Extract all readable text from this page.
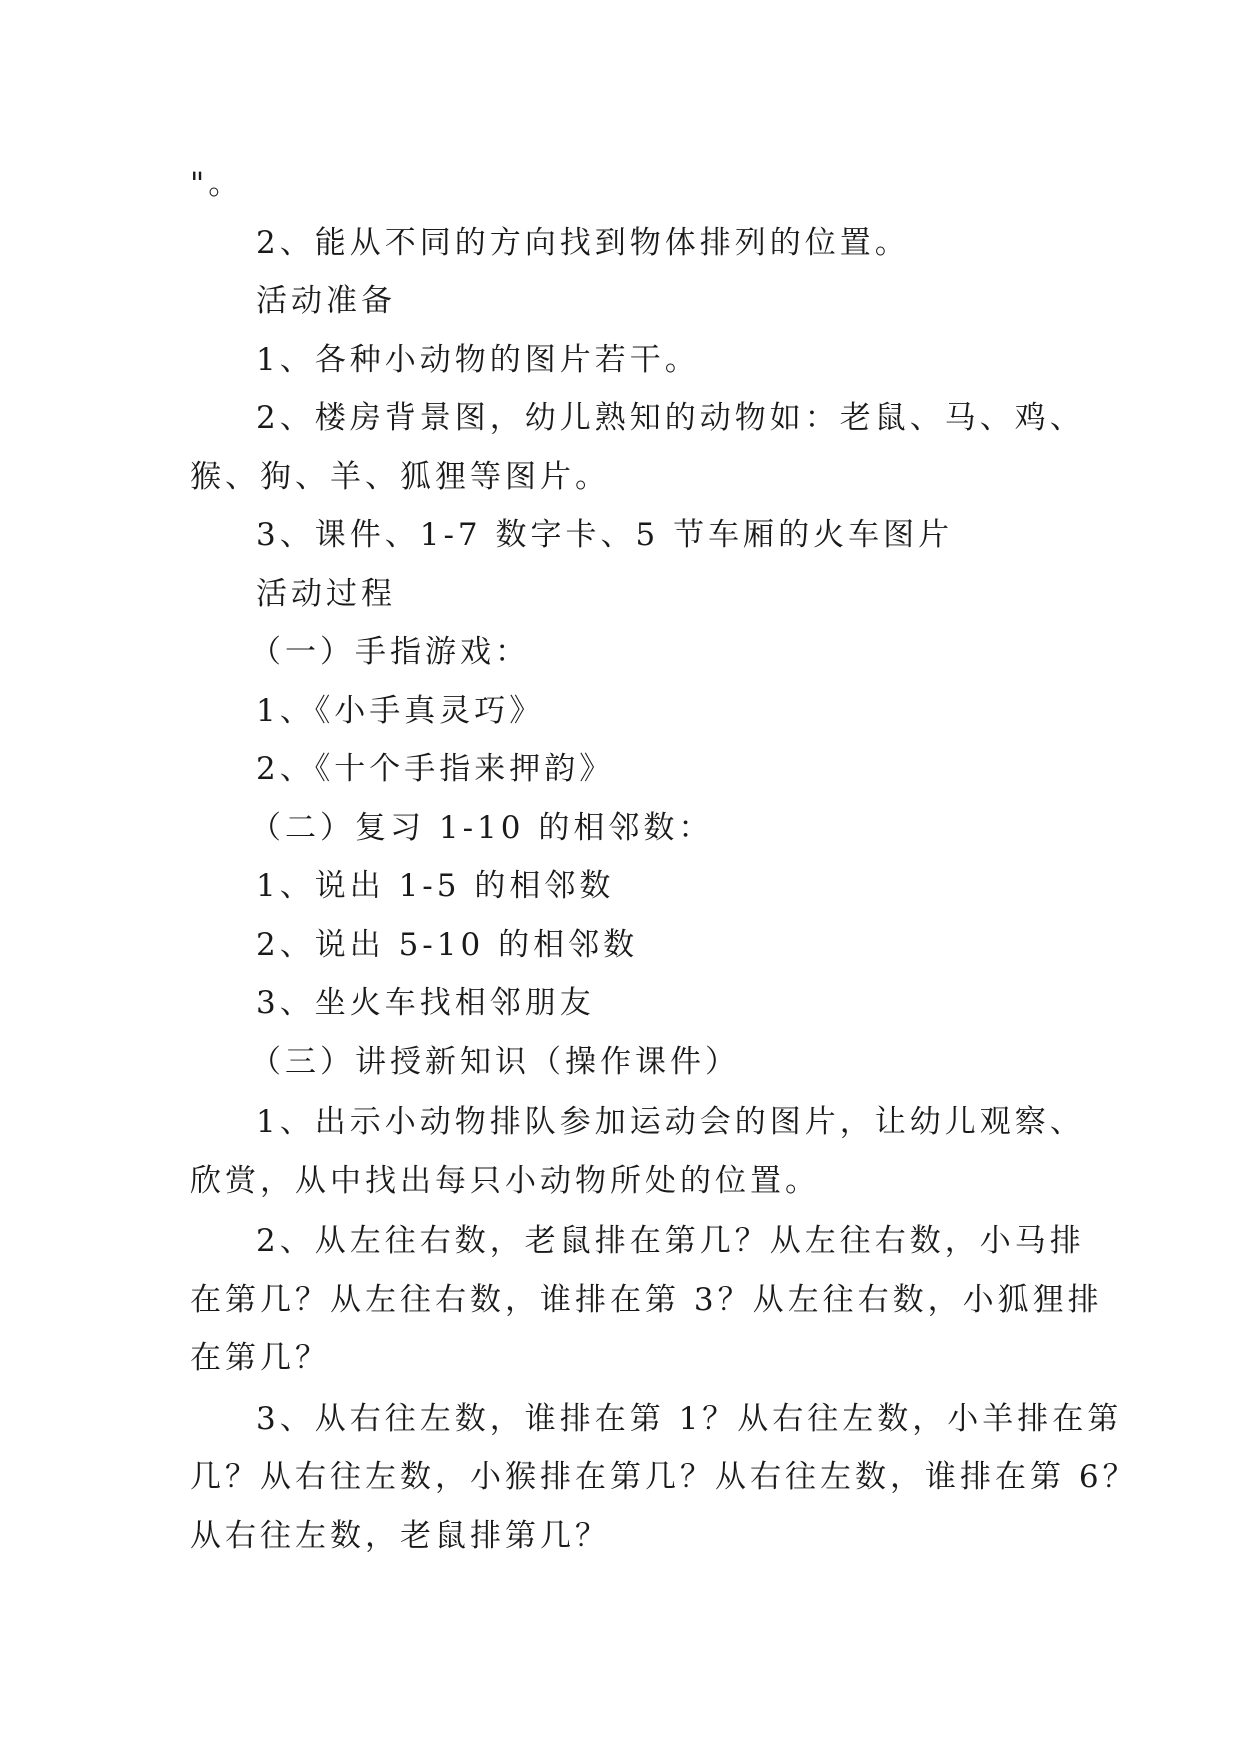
"。
2、能从不同的方向找到物体排列的位置。
活动准备
1、各种小动物的图片若干。
2、楼房背景图，幼儿熟知的动物如：老鼠、马、鸡、
猴、狗、羊、狐狸等图片。
3、课件、1-7 数字卡、5 节车厢的火车图片
活动过程
（一）手指游戏：
1、《小手真灵巧》
2、《十个手指来押韵》
（二）复习 1-10 的相邻数：
1、说出 1-5 的相邻数
2、说出 5-10 的相邻数
3、坐火车找相邻朋友
（三）讲授新知识（操作课件）
1、出示小动物排队参加运动会的图片，让幼儿观察、
欣赏，从中找出每只小动物所处的位置。
2、从左往右数，老鼠排在第几？从左往右数，小马排
在第几？从左往右数，谁排在第 3？从左往右数，小狐狸排
在第几？
3、从右往左数，谁排在第 1？从右往左数，小羊排在第
几？从右往左数，小猴排在第几？从右往左数，谁排在第 6？
从右往左数，老鼠排第几？
